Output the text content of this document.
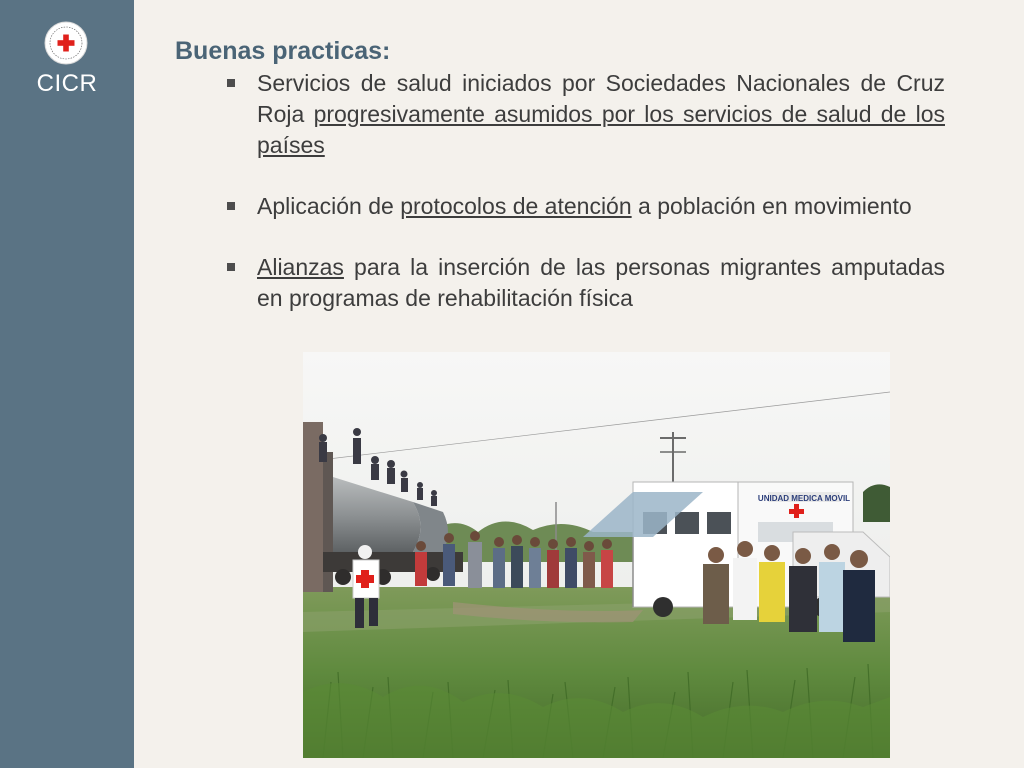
CICR
Buenas practicas:
Servicios de salud iniciados por Sociedades Nacionales de Cruz Roja progresivamente asumidos por los servicios de salud de los países
Aplicación de protocolos de atención a población en movimiento
Alianzas para la inserción de las personas migrantes amputadas en programas de rehabilitación física
UNIDAD MEDICA MOVIL
